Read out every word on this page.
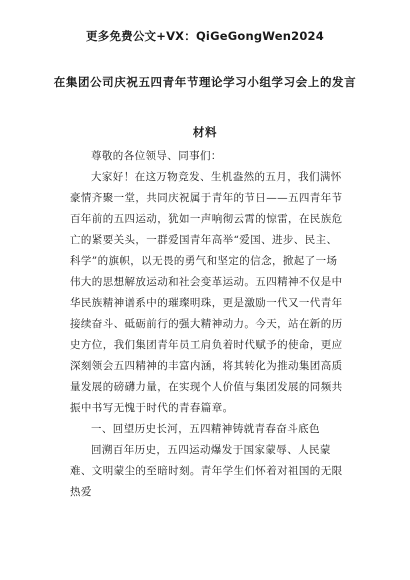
更多免费公文+VX：QiGeGongWen2024
在集团公司庆祝五四青年节理论学习小组学习会上的发言
材料

尊敬的各位领导、同事们：

大家好！在这万物竞发、生机盎然的五月，我们满怀豪情齐聚一堂，共同庆祝属于青年的节日——五四青年节百年前的五四运动，犹如一声响彻云霄的惊雷，在民族危亡的紧要关头，一群爱国青年高举“爱国、进步、民主、科学”的旗帜，以无畏的勇气和坚定的信念，掀起了一场伟大的思想解放运动和社会变革运动。五四精神不仅是中华民族精神谱系中的璀璨明珠，更是激励一代又一代青年接续奋斗、砥砺前行的强大精神动力。今天，站在新的历史方位，我们集团青年员工肩负着时代赋予的使命，更应深刻领会五四精神的丰富内涵，将其转化为推动集团高质量发展的磅礴力量，在实现个人价值与集团发展的同频共振中书写无愧于时代的青春篇章。

一、回望历史长河，五四精神铸就青春奋斗底色

回溯百年历史，五四运动爆发于国家蒙辱、人民蒙难、文明蒙尘的至暗时刻。青年学生们怀着对祖国的无限热爱
